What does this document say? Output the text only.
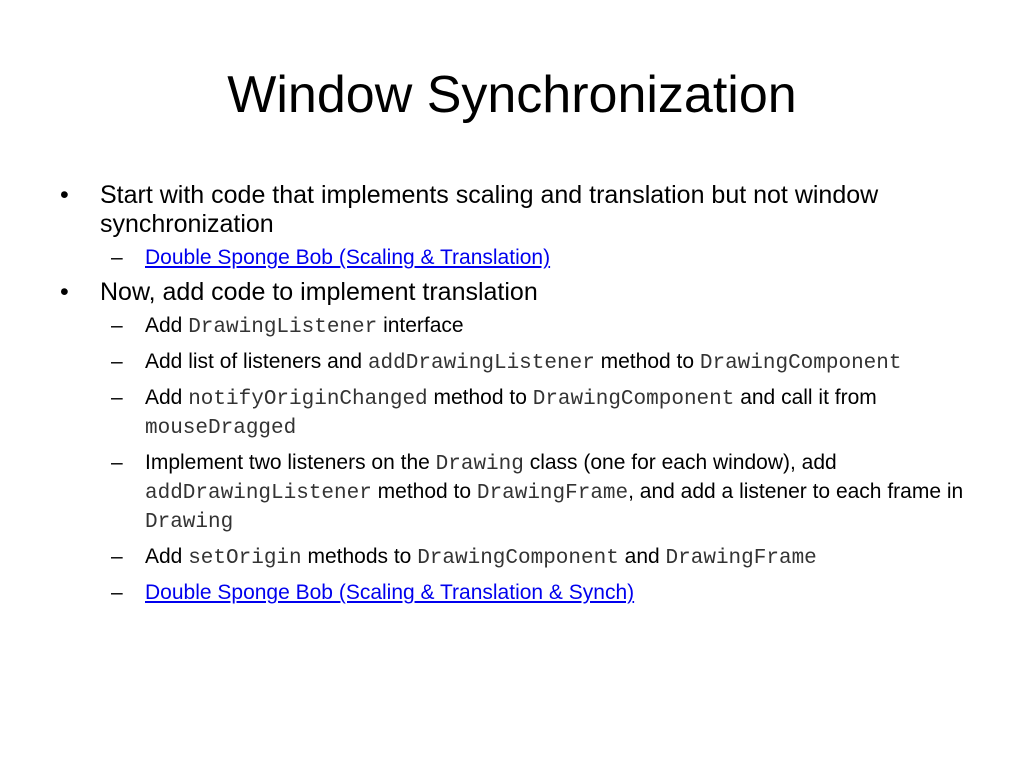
Window Synchronization
• Start with code that implements scaling and translation but not window synchronization
– Double Sponge Bob (Scaling & Translation)
• Now, add code to implement translation
– Add DrawingListener interface
– Add list of listeners and addDrawingListener method to DrawingComponent
– Add notifyOriginChanged method to DrawingComponent and call it from mouseDragged
– Implement two listeners on the Drawing class (one for each window), add addDrawingListener method to DrawingFrame, and add a listener to each frame in Drawing
– Add setOrigin methods to DrawingComponent and DrawingFrame
– Double Sponge Bob (Scaling & Translation & Synch)
